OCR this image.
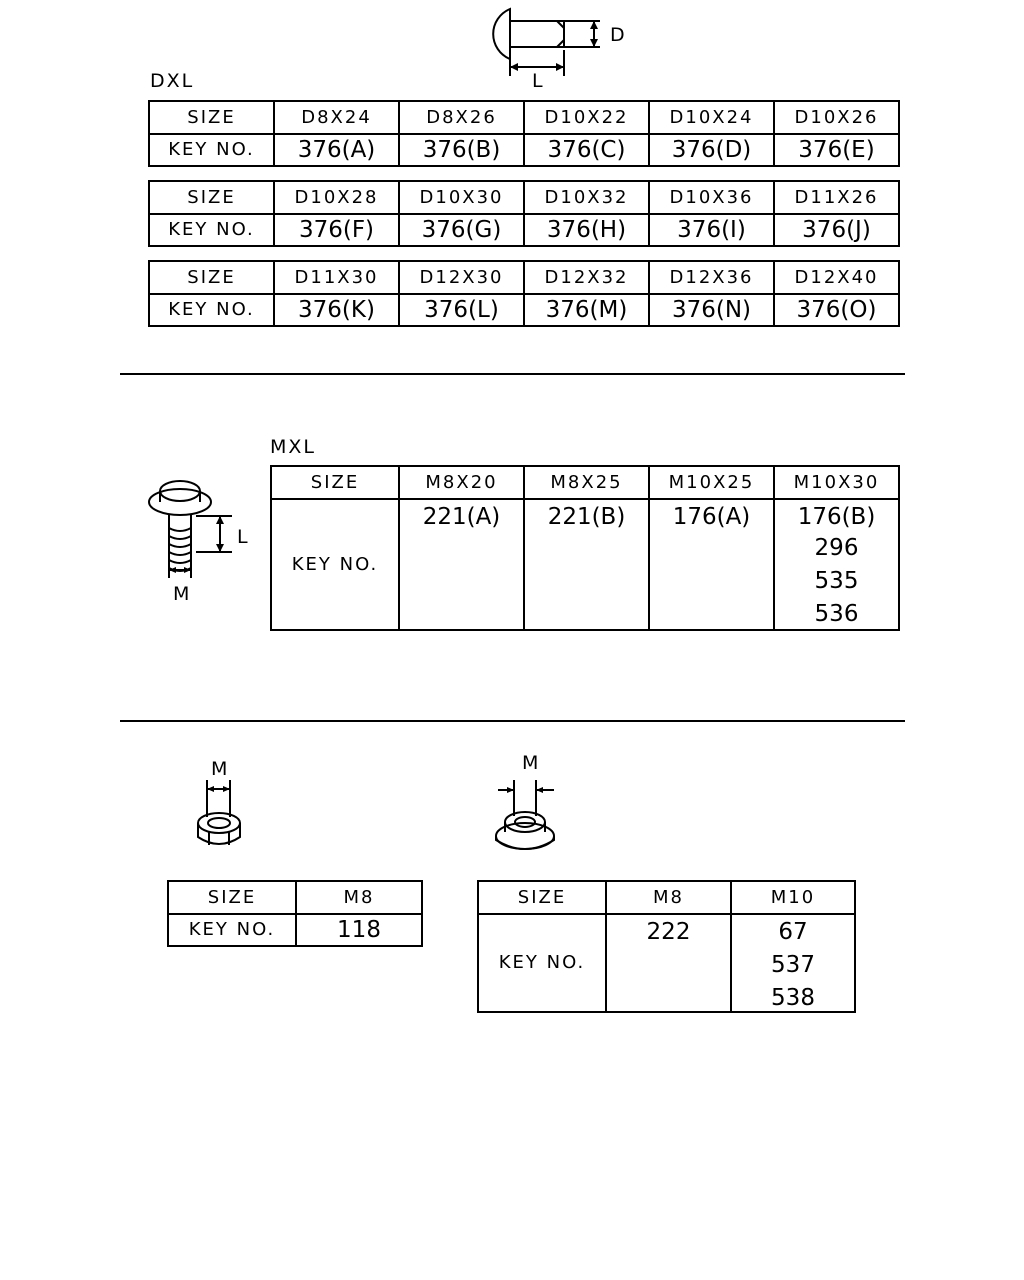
D
L
DXL
SIZE	D8X24	D8X26	D10X22	D10X24	D10X26
KEY NO.	376(A)	376(B)	376(C)	376(D)	376(E)
SIZE	D10X28	D10X30	D10X32	D10X36	D11X26
KEY NO.	376(F)	376(G)	376(H)	376(I)	376(J)
SIZE	D11X30	D12X30	D12X32	D12X36	D12X40
KEY NO.	376(K)	376(L)	376(M)	376(N)	376(O)
MXL
L
M
SIZE	M8X20	M8X25	M10X25	M10X30
KEY NO.	221(A)	221(B)	176(A)	176(B)
296
535
536
M
SIZE	M8
KEY NO.	118
M
SIZE	M8	M10
KEY NO.	222	67
537
538
